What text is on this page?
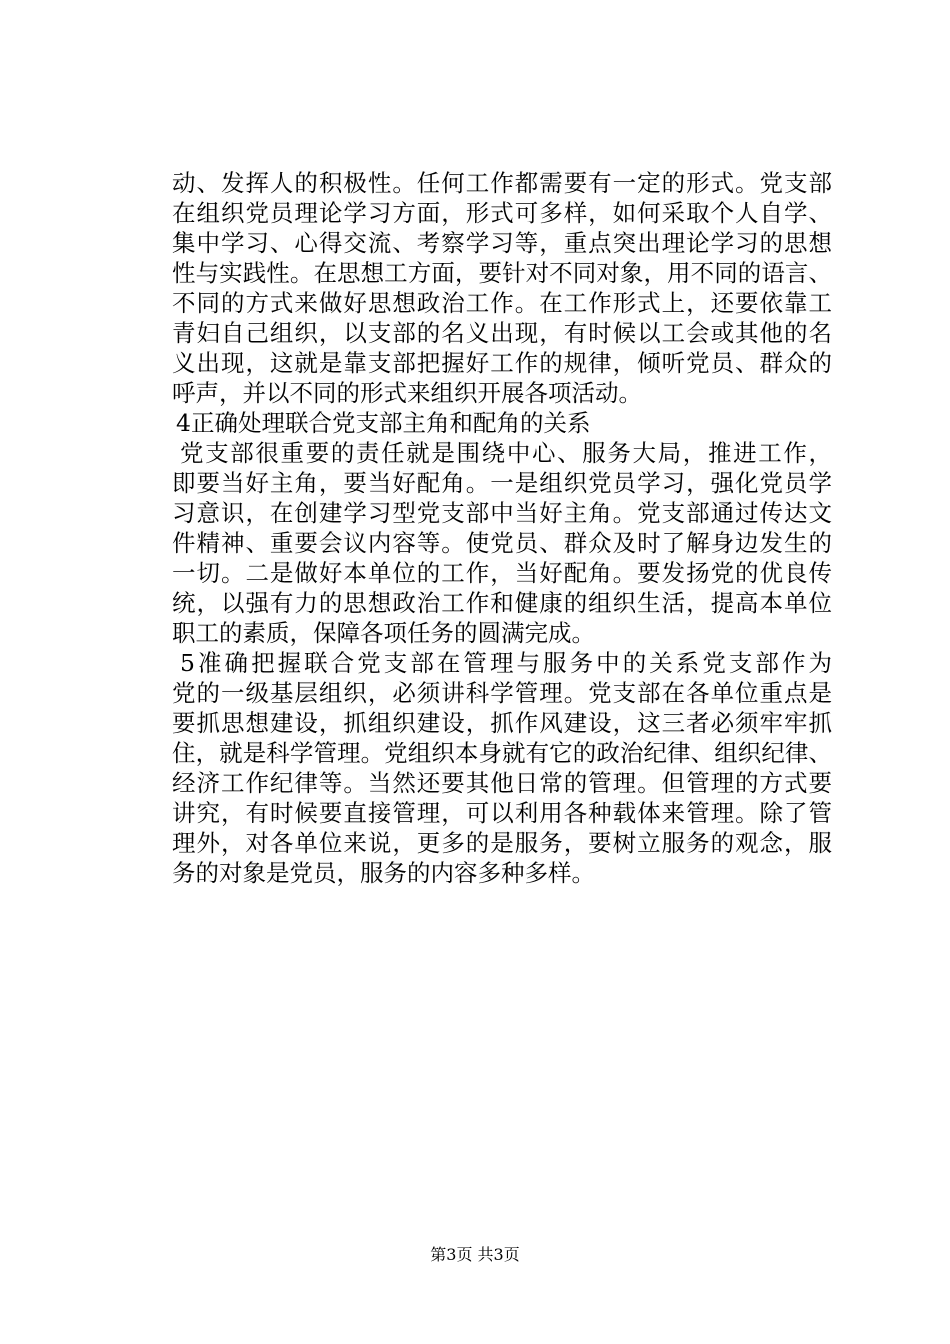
动、发挥人的积极性。任何工作都需要有一定的形式。党支部
在组织党员理论学习方面，形式可多样，如何采取个人自学、
集中学习、心得交流、考察学习等，重点突出理论学习的思想
性与实践性。在思想工方面，要针对不同对象，用不同的语言、
不同的方式来做好思想政治工作。在工作形式上，还要依靠工
青妇自己组织，以支部的名义出现，有时候以工会或其他的名
义出现，这就是靠支部把握好工作的规律，倾听党员、群众的
呼声，并以不同的形式来组织开展各项活动。
4正确处理联合党支部主角和配角的关系
党支部很重要的责任就是围绕中心、服务大局，推进工作，
即要当好主角，要当好配角。一是组织党员学习，强化党员学
习意识，在创建学习型党支部中当好主角。党支部通过传达文
件精神、重要会议内容等。使党员、群众及时了解身边发生的
一切。二是做好本单位的工作，当好配角。要发扬党的优良传
统，以强有力的思想政治工作和健康的组织生活，提高本单位
职工的素质，保障各项任务的圆满完成。
5准确把握联合党支部在管理与服务中的关系党支部作为
党的一级基层组织，必须讲科学管理。党支部在各单位重点是
要抓思想建设，抓组织建设，抓作风建设，这三者必须牢牢抓
住，就是科学管理。党组织本身就有它的政治纪律、组织纪律、
经济工作纪律等。当然还要其他日常的管理。但管理的方式要
讲究，有时候要直接管理，可以利用各种载体来管理。除了管
理外，对各单位来说，更多的是服务，要树立服务的观念，服
务的对象是党员，服务的内容多种多样。
第3页 共3页
